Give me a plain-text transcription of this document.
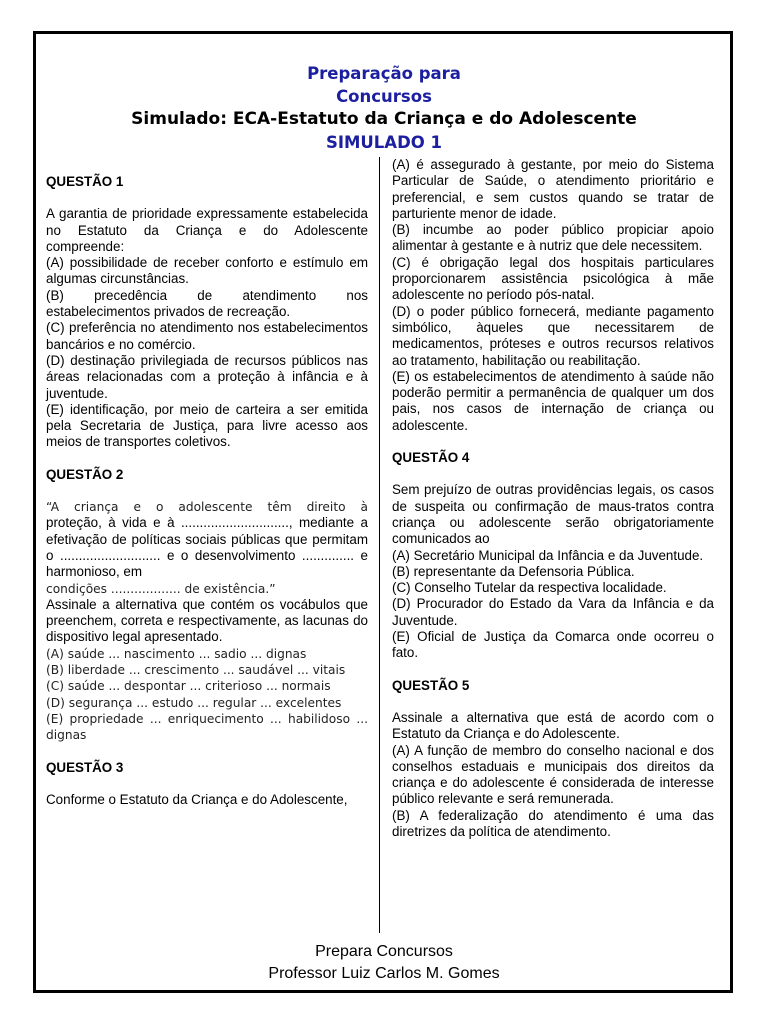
Preparação para
Concursos
Simulado: ECA-Estatuto da Criança e do Adolescente
SIMULADO 1

QUESTÃO 1

A garantia de prioridade expressamente estabelecida no Estatuto da Criança e do Adolescente compreende:

(A) possibilidade de receber conforto e estímulo em algumas circunstâncias.

(B) precedência de atendimento nos estabelecimentos privados de recreação.

(C) preferência no atendimento nos estabelecimentos bancários e no comércio.

(D) destinação privilegiada de recursos públicos nas áreas relacionadas com a proteção à infância e à juventude.

(E) identificação, por meio de carteira a ser emitida pela Secretaria de Justiça, para livre acesso aos meios de transportes coletivos.

QUESTÃO 2

“A criança e o adolescente têm direito à

proteção, à vida e à ............................., mediante a efetivação de políticas sociais públicas que permitam o ........................... e o desenvolvimento .............. e harmonioso, em

condições .................. de existência.”

Assinale a alternativa que contém os vocábulos que preenchem, correta e respectivamente, as lacunas do dispositivo legal apresentado.

(A) saúde ... nascimento ... sadio ... dignas

(B) liberdade ... crescimento ... saudável ... vitais

(C) saúde ... despontar ... criterioso ... normais

(D) segurança ... estudo ... regular ... excelentes

(E) propriedade ... enriquecimento ... habilidoso ... dignas

QUESTÃO 3

Conforme o Estatuto da Criança e do Adolescente,

(A) é assegurado à gestante, por meio do Sistema Particular de Saúde, o atendimento prioritário e preferencial, e sem custos quando se tratar de parturiente menor de idade.

(B) incumbe ao poder público propiciar apoio alimentar à gestante e à nutriz que dele necessitem.

(C) é obrigação legal dos hospitais particulares proporcionarem assistência psicológica à mãe adolescente no período pós-natal.

(D) o poder público fornecerá, mediante pagamento simbólico, àqueles que necessitarem de medicamentos, próteses e outros recursos relativos ao tratamento, habilitação ou reabilitação.

(E) os estabelecimentos de atendimento à saúde não poderão permitir a permanência de qualquer um dos pais, nos casos de internação de criança ou adolescente.

QUESTÃO 4

Sem prejuízo de outras providências legais, os casos de suspeita ou confirmação de maus-tratos contra criança ou adolescente serão obrigatoriamente comunicados ao

(A) Secretário Municipal da Infância e da Juventude.

(B) representante da Defensoria Pública.

(C) Conselho Tutelar da respectiva localidade.

(D) Procurador do Estado da Vara da Infância e da Juventude.

(E) Oficial de Justiça da Comarca onde ocorreu o fato.

QUESTÃO 5

Assinale a alternativa que está de acordo com o Estatuto da Criança e do Adolescente.

(A) A função de membro do conselho nacional e dos conselhos estaduais e municipais dos direitos da criança e do adolescente é considerada de interesse público relevante e será remunerada.

(B) A federalização do atendimento é uma das diretrizes da política de atendimento.

Prepara Concursos
Professor Luiz Carlos M. Gomes
